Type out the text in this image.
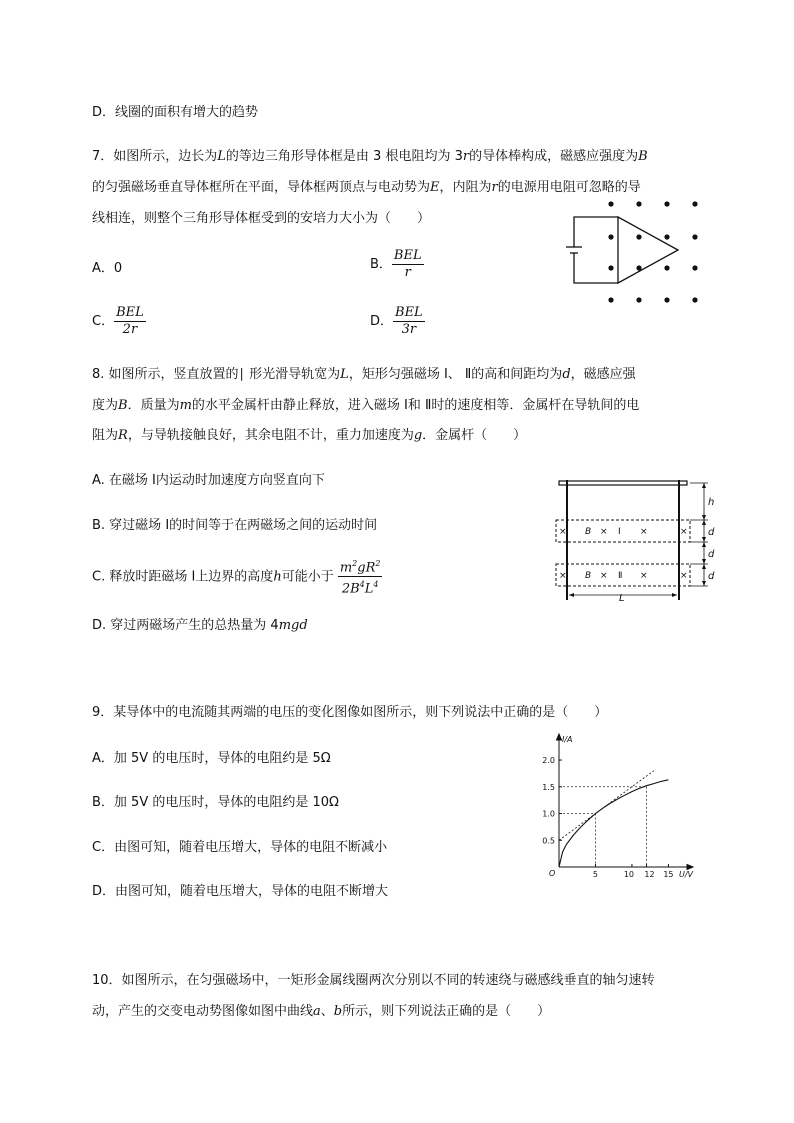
D．线圈的面积有增大的趋势
7．如图所示，边长为L的等边三角形导体框是由 3 根电阻均为 3r的导体棒构成，磁感应强度为B
的匀强磁场垂直导体框所在平面，导体框两顶点与电动势为E，内阻为r的电源用电阻可忽略的导
线相连，则整个三角形导体框受到的安培力大小为（　　）
A．0	B． $\frac{\text{BEL}}{r}$
C． $\frac{\text{BEL}}{2r}$	D． $\frac{\text{BEL}}{3r}$
8. 如图所示，竖直放置的∣ 形光滑导轨宽为L，矩形匀强磁场 Ⅰ、 Ⅱ的高和间距均为d，磁感应强
度为B．质量为m的水平金属杆由静止释放，进入磁场 Ⅰ和 Ⅱ时的速度相等．金属杆在导轨间的电
阻为R，与导轨接触良好，其余电阻不计，重力加速度为g．金属杆（　　）
A. 在磁场 Ⅰ内运动时加速度方向竖直向下
B. 穿过磁场 Ⅰ的时间等于在两磁场之间的运动时间
C. 释放时距磁场 Ⅰ上边界的高度h可能小于 $\frac{m^2gR^2}{2B^4L^4}$
D. 穿过两磁场产生的总热量为 4mgd
× B × Ⅰ ×	×
× B × Ⅱ ×	×
h
d
d
d
L
9．某导体中的电流随其两端的电压的变化图像如图所示，则下列说法中正确的是（　　）
A．加 5V 的电压时，导体的电阻约是 5Ω
B．加 5V 的电压时，导体的电阻约是 10Ω
C．由图可知，随着电压增大，导体的电阻不断减小
D．由图可知，随着电压增大，导体的电阻不断增大
0.5
1.0
1.5
2.0
5	10 12 15
I/A
U/V
O
10．如图所示，在匀强磁场中，一矩形金属线圈两次分别以不同的转速绕与磁感线垂直的轴匀速转
动，产生的交变电动势图像如图中曲线a、b所示，则下列说法正确的是（　　）
